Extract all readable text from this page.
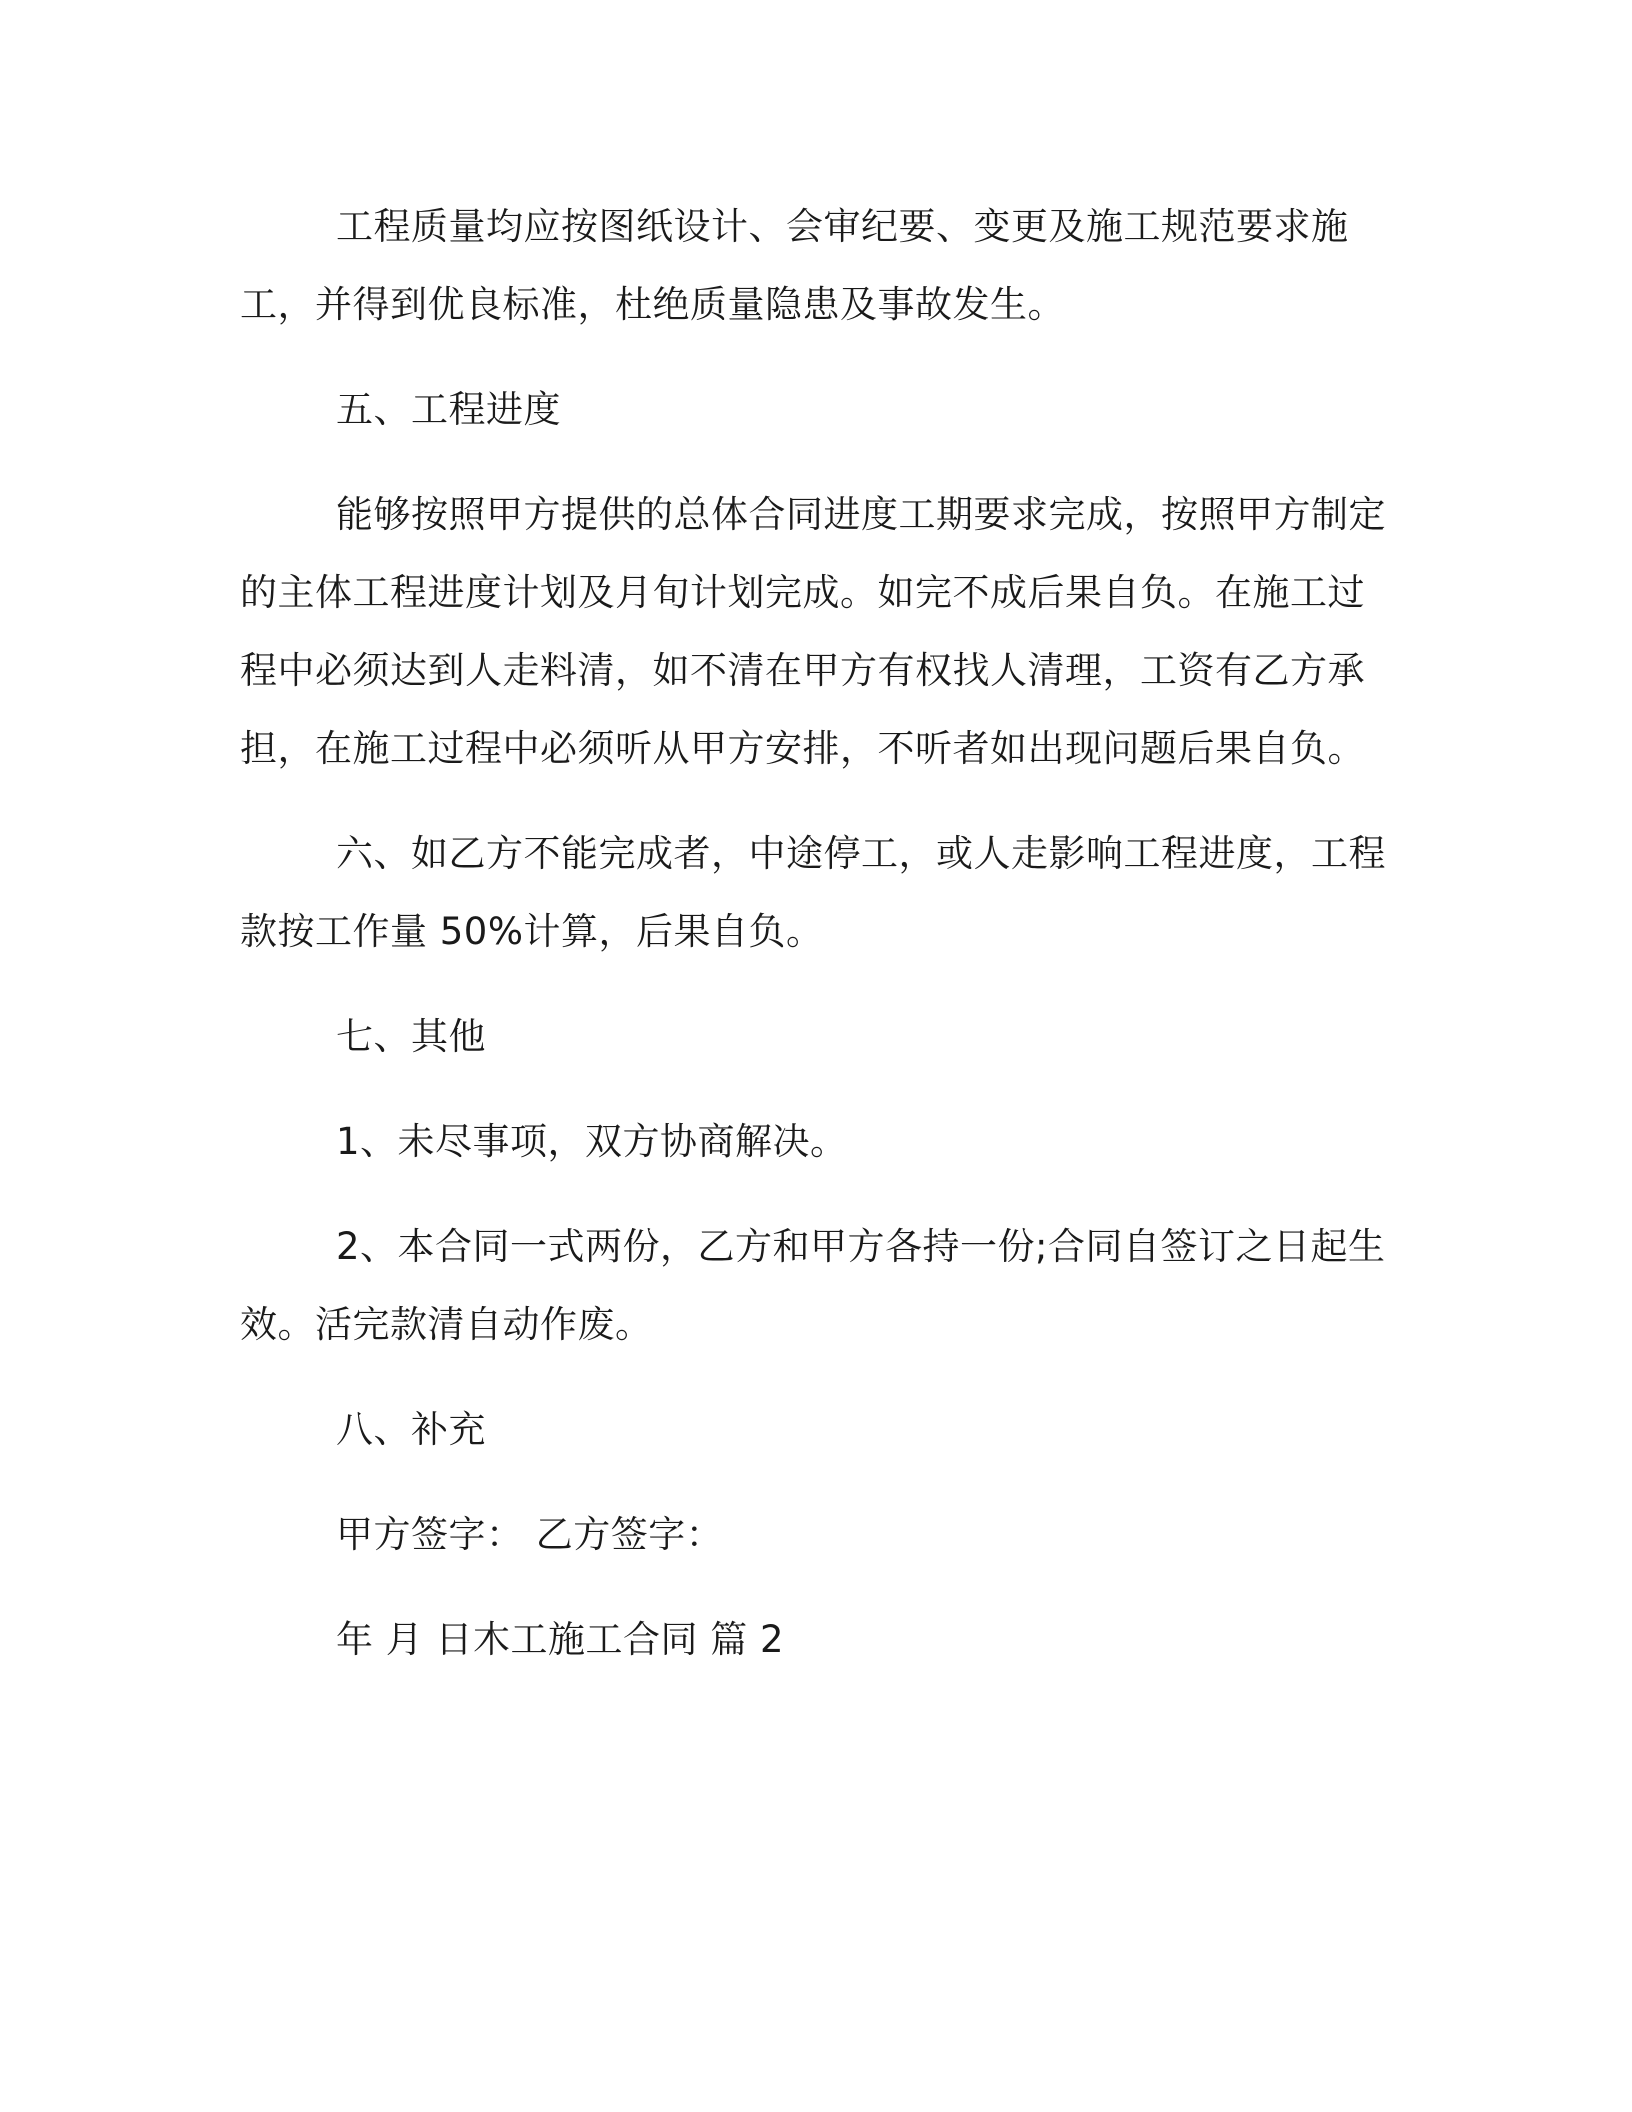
工程质量均应按图纸设计、会审纪要、变更及施工规范要求施工，并得到优良标准，杜绝质量隐患及事故发生。

五、工程进度

能够按照甲方提供的总体合同进度工期要求完成，按照甲方制定的主体工程进度计划及月旬计划完成。如完不成后果自负。在施工过程中必须达到人走料清，如不清在甲方有权找人清理，工资有乙方承担，在施工过程中必须听从甲方安排，不听者如出现问题后果自负。

六、如乙方不能完成者，中途停工，或人走影响工程进度，工程款按工作量 50%计算，后果自负。

七、其他

1、未尽事项，双方协商解决。

2、本合同一式两份，乙方和甲方各持一份;合同自签订之日起生效。活完款清自动作废。

八、补充

甲方签字： 乙方签字：

年 月 日木工施工合同 篇 2
